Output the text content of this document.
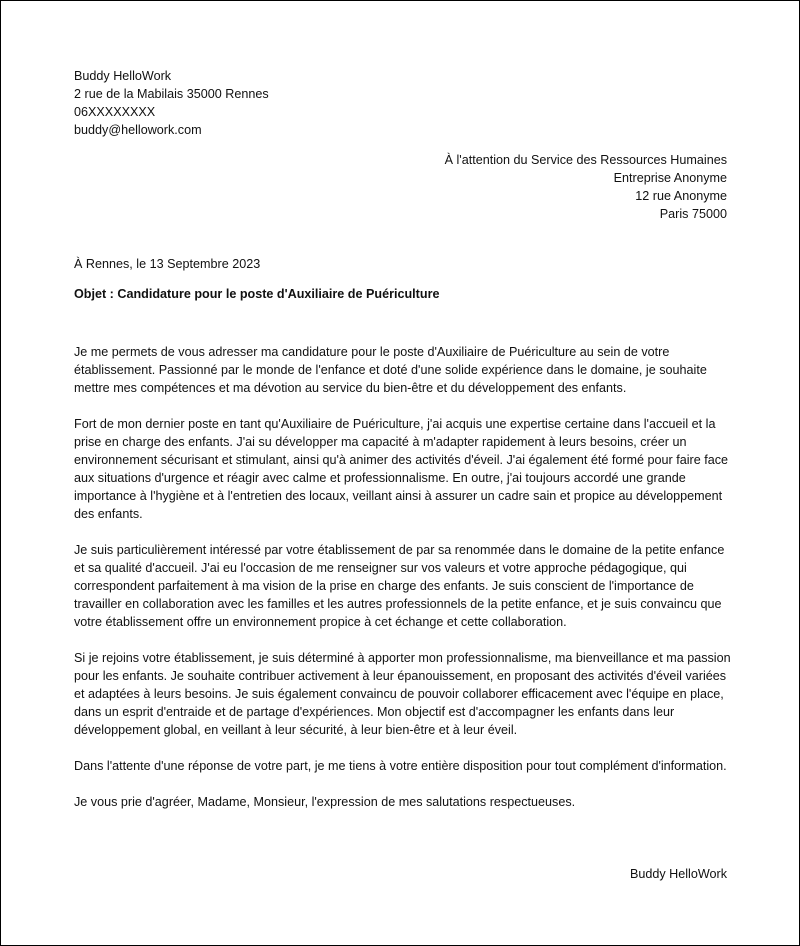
Buddy HelloWork
2 rue de la Mabilais 35000 Rennes
06XXXXXXXX
buddy@hellowork.com
À l'attention du Service des Ressources Humaines
Entreprise Anonyme
12 rue Anonyme
Paris 75000
À Rennes, le 13 Septembre 2023
Objet : Candidature pour le poste d'Auxiliaire de Puériculture

Je me permets de vous adresser ma candidature pour le poste d'Auxiliaire de Puériculture au sein de votre établissement. Passionné par le monde de l'enfance et doté d'une solide expérience dans le domaine, je souhaite mettre mes compétences et ma dévotion au service du bien-être et du développement des enfants.

Fort de mon dernier poste en tant qu'Auxiliaire de Puériculture, j'ai acquis une expertise certaine dans l'accueil et la prise en charge des enfants. J'ai su développer ma capacité à m'adapter rapidement à leurs besoins, créer un environnement sécurisant et stimulant, ainsi qu'à animer des activités d'éveil. J'ai également été formé pour faire face aux situations d'urgence et réagir avec calme et professionnalisme. En outre, j'ai toujours accordé une grande importance à l'hygiène et à l'entretien des locaux, veillant ainsi à assurer un cadre sain et propice au développement des enfants.

Je suis particulièrement intéressé par votre établissement de par sa renommée dans le domaine de la petite enfance et sa qualité d'accueil. J'ai eu l'occasion de me renseigner sur vos valeurs et votre approche pédagogique, qui correspondent parfaitement à ma vision de la prise en charge des enfants. Je suis conscient de l'importance de travailler en collaboration avec les familles et les autres professionnels de la petite enfance, et je suis convaincu que votre établissement offre un environnement propice à cet échange et cette collaboration.

Si je rejoins votre établissement, je suis déterminé à apporter mon professionnalisme, ma bienveillance et ma passion pour les enfants. Je souhaite contribuer activement à leur épanouissement, en proposant des activités d'éveil variées et adaptées à leurs besoins. Je suis également convaincu de pouvoir collaborer efficacement avec l'équipe en place, dans un esprit d'entraide et de partage d'expériences. Mon objectif est d'accompagner les enfants dans leur développement global, en veillant à leur sécurité, à leur bien-être et à leur éveil.

Dans l'attente d'une réponse de votre part, je me tiens à votre entière disposition pour tout complément d'information.

Je vous prie d'agréer, Madame, Monsieur, l'expression de mes salutations respectueuses.

Buddy HelloWork
